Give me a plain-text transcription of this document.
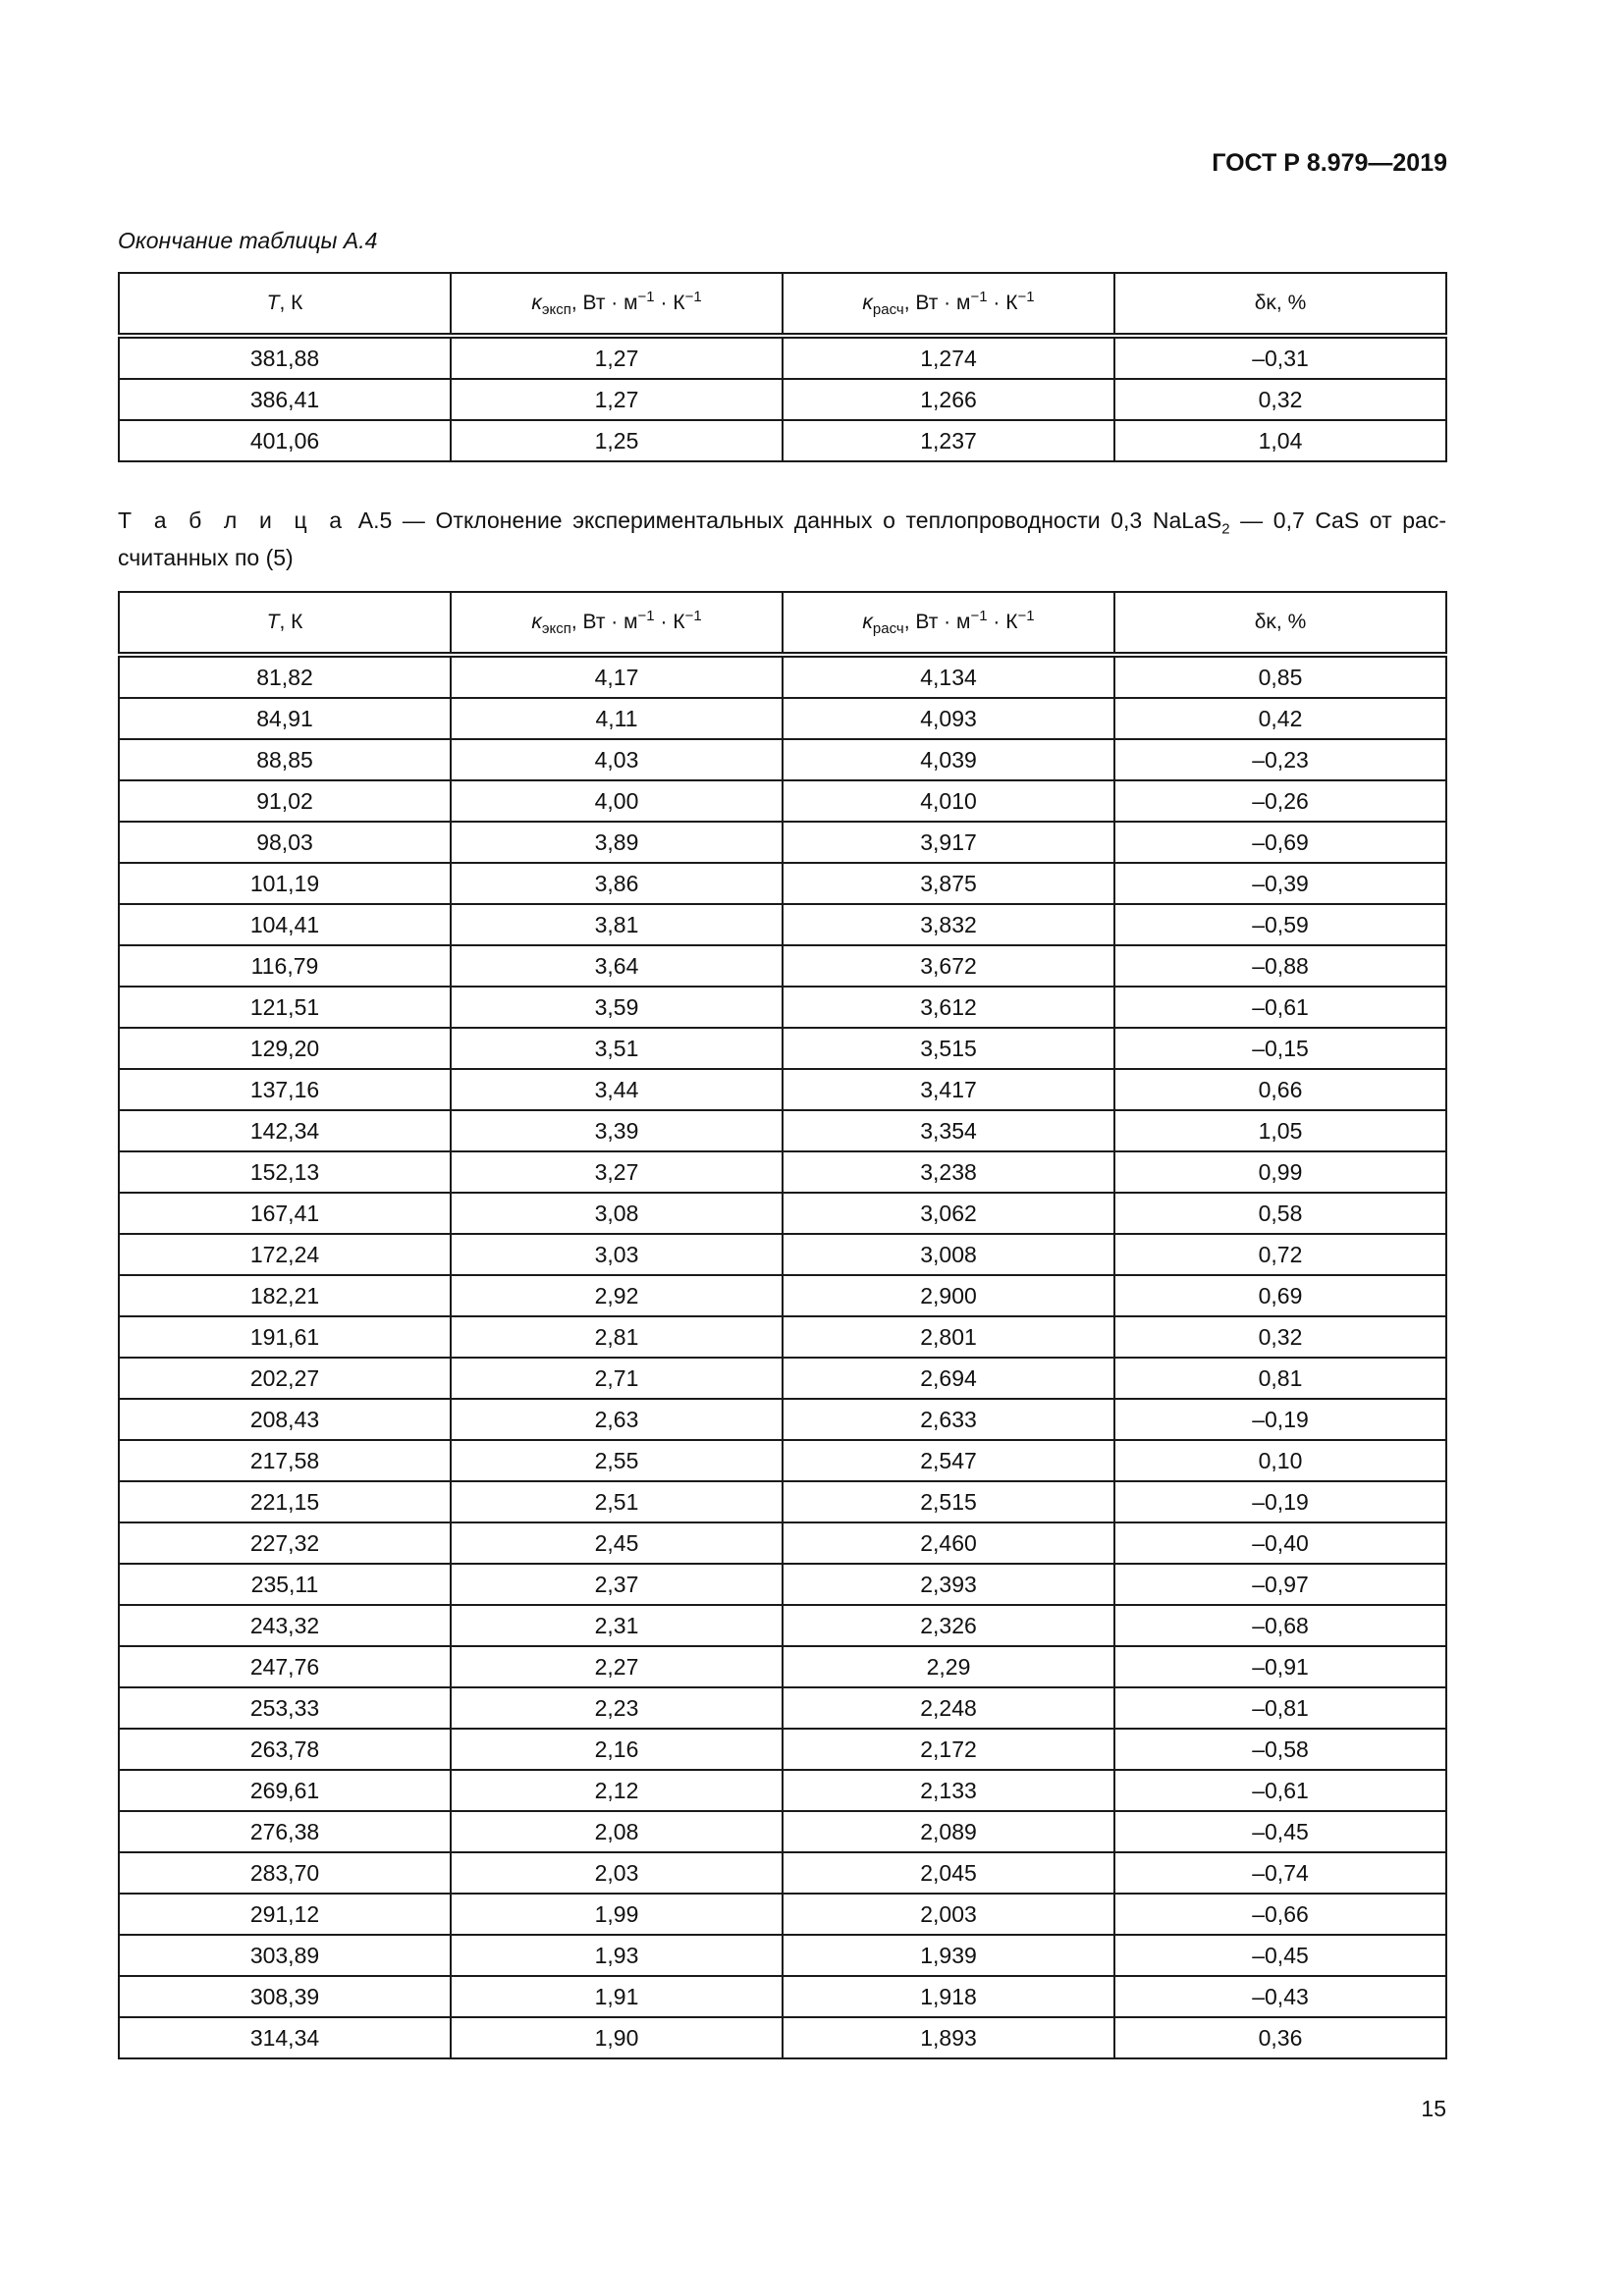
ГОСТ Р 8.979—2019
Окончание таблицы А.4
T, К	$\kappa_{эксп}$, Вт · $м^{-1} \cdot К^{-1}$	$\kappa_{расч}$, Вт · $м^{-1} \cdot К^{-1}$	δκ, %
381,88	1,27	1,274	–0,31
386,41	1,27	1,266	0,32
401,06	1,25	1,237	1,04
Т а б л и ц а А.5 — Отклонение экспериментальных данных о теплопроводности 0,3 NaLaS$_2$ — 0,7 CaS от рас-считанных по (5)
T, К	$\kappa_{эксп}$, Вт · $м^{-1} \cdot К^{-1}$	$\kappa_{расч}$, Вт · $м^{-1} \cdot К^{-1}$	δκ, %
81,82	4,17	4,134	0,85
84,91	4,11	4,093	0,42
88,85	4,03	4,039	–0,23
91,02	4,00	4,010	–0,26
98,03	3,89	3,917	–0,69
101,19	3,86	3,875	–0,39
104,41	3,81	3,832	–0,59
116,79	3,64	3,672	–0,88
121,51	3,59	3,612	–0,61
129,20	3,51	3,515	–0,15
137,16	3,44	3,417	0,66
142,34	3,39	3,354	1,05
152,13	3,27	3,238	0,99
167,41	3,08	3,062	0,58
172,24	3,03	3,008	0,72
182,21	2,92	2,900	0,69
191,61	2,81	2,801	0,32
202,27	2,71	2,694	0,81
208,43	2,63	2,633	–0,19
217,58	2,55	2,547	0,10
221,15	2,51	2,515	–0,19
227,32	2,45	2,460	–0,40
235,11	2,37	2,393	–0,97
243,32	2,31	2,326	–0,68
247,76	2,27	2,29	–0,91
253,33	2,23	2,248	–0,81
263,78	2,16	2,172	–0,58
269,61	2,12	2,133	–0,61
276,38	2,08	2,089	–0,45
283,70	2,03	2,045	–0,74
291,12	1,99	2,003	–0,66
303,89	1,93	1,939	–0,45
308,39	1,91	1,918	–0,43
314,34	1,90	1,893	0,36
15
